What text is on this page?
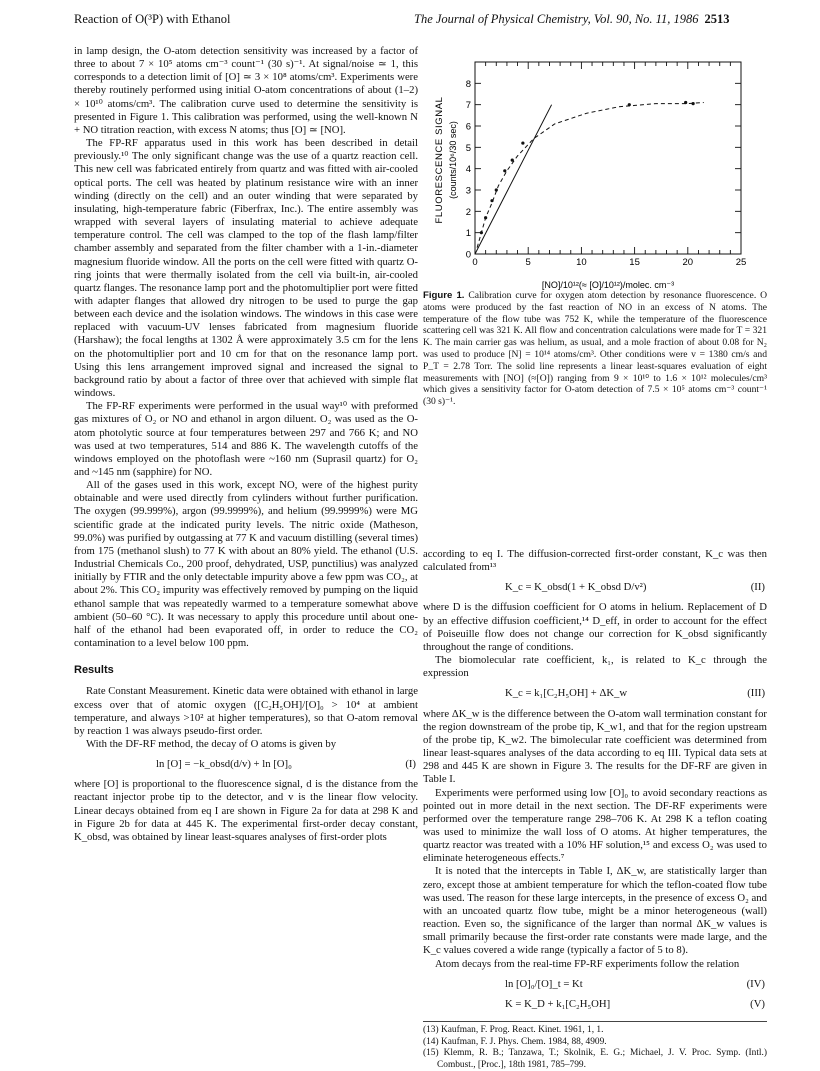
Reaction of O(³P) with Ethanol	The Journal of Physical Chemistry, Vol. 90, No. 11, 1986 2513

in lamp design, the O-atom detection sensitivity was increased by a factor of three to about 7 × 10⁵ atoms cm⁻³ count⁻¹ (30 s)⁻¹. At signal/noise ≃ 1, this corresponds to a detection limit of [O] ≃ 3 × 10⁸ atoms/cm³. Experiments were thereby routinely performed using initial O-atom concentrations of about (1–2) × 10¹⁰ atoms/cm³. The calibration curve used to determine the sensitivity is presented in Figure 1. This calibration was performed, using the well-known N + NO titration reaction, with excess N atoms; thus [O] ≃ [NO].

The FP-RF apparatus used in this work has been described in detail previously.¹⁰ The only significant change was the use of a quartz reaction cell. This new cell was fabricated entirely from quartz and was fitted with air-cooled optical ports. The cell was heated by platinum resistance wire with an inner winding (directly on the cell) and an outer winding that were separated by insulating, high-temperature fabric (Fiberfrax, Inc.). The entire assembly was wrapped with several layers of insulating material to achieve adequate temperature control. The cell was clamped to the top of the flash lamp/filter chamber assembly and separated from the filter chamber with a 1-in.-diameter magnesium fluoride window. All the ports on the cell were fitted with quartz O-ring joints that were thermally isolated from the cell via built-in, air-cooled quartz flanges. The resonance lamp port and the photomultiplier port were fitted with adapter flanges that allowed dry nitrogen to be used to purge the gap between each device and the isolation windows. The windows in this case were replaced with vacuum-UV lenses fabricated from magnesium fluoride (Harshaw); the focal lengths at 1302 Å were approximately 3.5 cm for the lens on the photomultiplier port and 10 cm for that on the resonance lamp port. Using this lens arrangement improved signal and increased the signal to background ratio by about a factor of three over that achieved with simple flat windows.

The FP-RF experiments were performed in the usual way¹⁰ with preformed gas mixtures of O₂ or NO and ethanol in argon diluent. O₂ was used as the O-atom photolytic source at four temperatures between 297 and 766 K; and NO was used at two temperatures, 514 and 886 K. The wavelength cutoffs of the windows employed on the photoflash were ~160 nm (Suprasil quartz) for O₂ and ~145 nm (sapphire) for NO.

All of the gases used in this work, except NO, were of the highest purity obtainable and were used directly from cylinders without further purification. The oxygen (99.999%), argon (99.9999%), and helium (99.9999%) were MG scientific grade at the indicated purity levels. The nitric oxide (Matheson, 99.0%) was purified by outgassing at 77 K and vacuum distilling (several times) from 175 (methanol slush) to 77 K with about an 80% yield. The ethanol (U.S. Industrial Chemicals Co., 200 proof, dehydrated, USP, punctilius) was analyzed initially by FTIR and the only detectable impurity above a few ppm was CO₂, at about 2%. This CO₂ impurity was effectively removed by pumping on the liquid ethanol sample that was repeatedly warmed to a temperature somewhat above ambient (50–60 °C). It was necessary to apply this procedure until about one-half of the ethanol had been evaporated off, in order to reduce the CO₂ contamination to a level below 100 ppm.

Results

Rate Constant Measurement. Kinetic data were obtained with ethanol in large excess over that of atomic oxygen ([C₂H₅OH]/[O]₀ > 10⁴ at ambient temperature, and always >10² at higher temperatures), so that O-atom removal by reaction 1 was always pseudo-first order.

With the DF-RF method, the decay of O atoms is given by

ln [O] = −k_obsd(d/v) + ln [O]₀	(I)

where [O] is proportional to the fluorescence signal, d is the distance from the reactant injector probe tip to the detector, and v is the linear flow velocity. Linear decays obtained from eq I are shown in Figure 2a for data at 298 K and in Figure 2b for data at 445 K. The experimental first-order decay constant, K_obsd, was obtained by linear least-squares analyses of first-order plots

FLUORESCENCE SIGNAL (counts/10⁶/30 sec)
0	5	10	15	20	25
0
1
2
3
4
5
6
7
8
[NO]/10¹²(≈ [O]/10¹²)/molec. cm⁻³
Figure 1. Calibration curve for oxygen atom detection by resonance fluorescence. O atoms were produced by the fast reaction of NO in an excess of N atoms. The temperature of the flow tube was 752 K, while the temperature of the fluorescence scattering cell was 321 K. All flow and concentration calculations were made for T = 321 K. The main carrier gas was helium, as usual, and a mole fraction of about 0.08 for N₂ was used to produce [N] = 10¹⁴ atoms/cm³. Other conditions were v = 1380 cm/s and P_T = 2.78 Torr. The solid line represents a linear least-squares evaluation of eight measurements with [NO] (≈[O]) ranging from 9 × 10¹⁰ to 1.6 × 10¹² molecules/cm³ which gives a sensitivity factor for O-atom detection of 7.5 × 10⁵ atoms cm⁻³ count⁻¹ (30 s)⁻¹.

according to eq I. The diffusion-corrected first-order constant, K_c was then calculated from¹³

K_c = K_obsd(1 + K_obsd D/v²)	(II)

where D is the diffusion coefficient for O atoms in helium. Replacement of D by an effective diffusion coefficient,¹⁴ D_eff, in order to account for the effect of Poiseuille flow does not change our correction for K_obsd significantly throughout the range of conditions.

The biomolecular rate coefficient, k₁, is related to K_c through the expression

K_c = k₁[C₂H₅OH] + ΔK_w	(III)

where ΔK_w is the difference between the O-atom wall termination constant for the region downstream of the probe tip, K_w1, and that for the region upstream of the probe tip, K_w2. The bimolecular rate coefficient was determined from linear least-squares analyses of the data according to eq III. Typical data sets at 298 and 445 K are shown in Figure 3. The results for the DF-RF are given in Table I.

Experiments were performed using low [O]₀ to avoid secondary reactions as pointed out in more detail in the next section. The DF-RF experiments were performed over the temperature range 298–706 K. At 298 K a teflon coating was used to minimize the wall loss of O atoms. At higher temperatures, the quartz reactor was treated with a 10% HF solution,¹⁵ and excess O₂ was used to eliminate heterogeneous effects.⁷

It is noted that the intercepts in Table I, ΔK_w, are statistically larger than zero, except those at ambient temperature for which the teflon-coated flow tube was used. The reason for these large intercepts, in the presence of excess O₂ and with an uncoated quartz flow tube, might be a minor heterogeneous (wall) reaction. Even so, the significance of the larger than normal ΔK_w values is small primarily because the first-order rate constants were made large, and the K_c values covered a wide range (typically a factor of 5 to 8).

Atom decays from the real-time FP-RF experiments follow the relation

ln [O]₀/[O]_t = Kt	(IV)
K = K_D + k₁[C₂H₅OH]	(V)
(13) Kaufman, F. Prog. React. Kinet. 1961, 1, 1.
(14) Kaufman, F. J. Phys. Chem. 1984, 88, 4909.
(15) Klemm, R. B.; Tanzawa, T.; Skolnik, E. G.; Michael, J. V. Proc. Symp. (Intl.) Combust., [Proc.], 18th 1981, 785–799.
